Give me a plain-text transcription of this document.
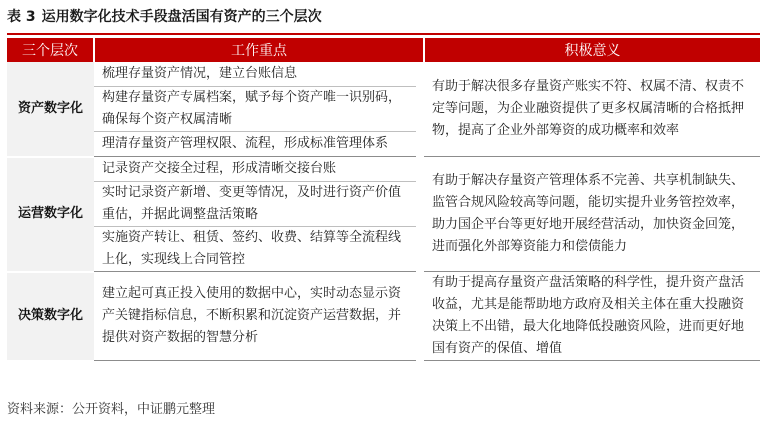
表 3 运用数字化技术手段盘活国有资产的三个层次
三个层次	工作重点		积极意义
资产数字化	梳理存量资产情况，建立台账信息		有助于解决很多存量资产账实不符、权属不清、权责不定等问题，为企业融资提供了更多权属清晰的合格抵押物，提高了企业外部筹资的成功概率和效率
	构建存量资产专属档案，赋予每个资产唯一识别码，确保每个资产权属清晰		
	理清存量资产管理权限、流程，形成标准管理体系		
运营数字化	记录资产交接全过程，形成清晰交接台账		有助于解决存量资产管理体系不完善、共享机制缺失、监管合规风险较高等问题，能切实提升业务管控效率，助力国企平台等更好地开展经营活动，加快资金回笼，进而强化外部筹资能力和偿债能力
	实时记录资产新增、变更等情况，及时进行资产价值重估，并据此调整盘活策略		
	实施资产转让、租赁、签约、收费、结算等全流程线上化，实现线上合同管控		
决策数字化	建立起可真正投入使用的数据中心，实时动态显示资产关键指标信息，不断积累和沉淀资产运营数据，并提供对资产数据的智慧分析		有助于提高存量资产盘活策略的科学性，提升资产盘活收益，尤其是能帮助地方政府及相关主体在重大投融资决策上不出错，最大化地降低投融资风险，进而更好地国有资产的保值、增值
资料来源：公开资料，中证鹏元整理
